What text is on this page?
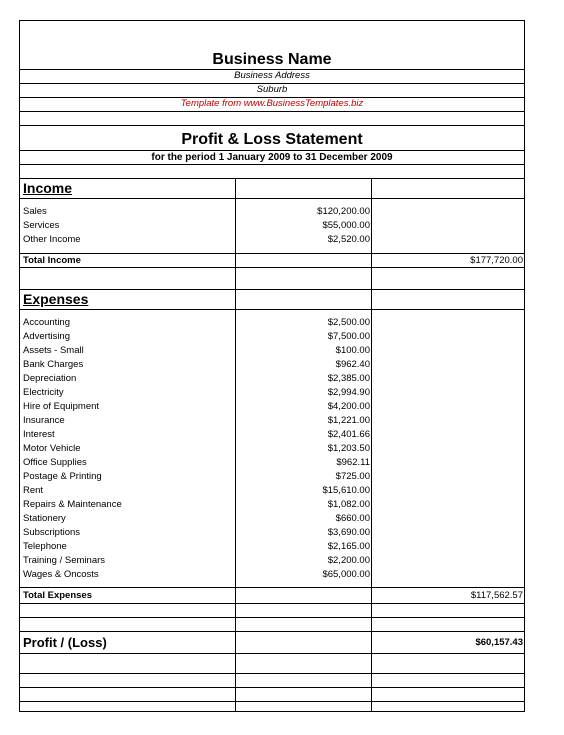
Business Name
Business Address
Suburb
Template from www.BusinessTemplates.biz
Profit & Loss Statement
for the period 1 January 2009 to 31 December 2009
Income
Sales	$120,200.00
Services	$55,000.00
Other Income	$2,520.00
Total Income	$177,720.00
Expenses
Accounting	$2,500.00
Advertising	$7,500.00
Assets - Small	$100.00
Bank Charges	$962.40
Depreciation	$2,385.00
Electricity	$2,994.90
Hire of Equipment	$4,200.00
Insurance	$1,221.00
Interest	$2,401.66
Motor Vehicle	$1,203.50
Office Supplies	$962.11
Postage & Printing	$725.00
Rent	$15,610.00
Repairs & Maintenance	$1,082.00
Stationery	$660.00
Subscriptions	$3,690.00
Telephone	$2,165.00
Training / Seminars	$2,200.00
Wages & Oncosts	$65,000.00
Total Expenses	$117,562.57
Profit / (Loss)	$60,157.43
